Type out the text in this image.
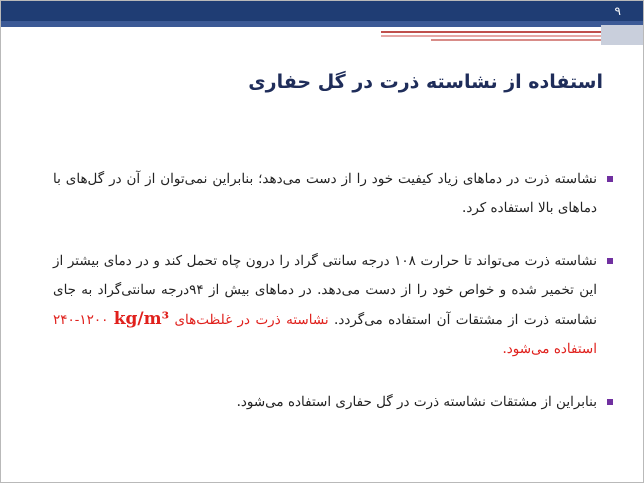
۹
استفاده از نشاسته ذرت در گل حفاری
نشاسته ذرت در دماهای زیاد کیفیت خود را از دست می‌دهد؛ بنابراین نمی‌توان از آن در گل‌های با دماهای بالا استفاده کرد.
نشاسته ذرت می‌تواند تا حرارت ۱۰۸ درجه سانتی گراد را درون چاه تحمل کند و در دمای بیشتر از این تخمیر شده و خواص خود را از دست می‌دهد. در دماهای بیش از ۹۴درجه سانتی‌گراد به جای نشاسته ذرت از مشتقات آن استفاده می‌گردد. نشاسته ذرت در غلظت‌های kg/m³ ۱۲۰۰-۲۴۰ استفاده می‌شود.
بنابراین از مشتقات نشاسته ذرت در گل حفاری استفاده می‌شود.
